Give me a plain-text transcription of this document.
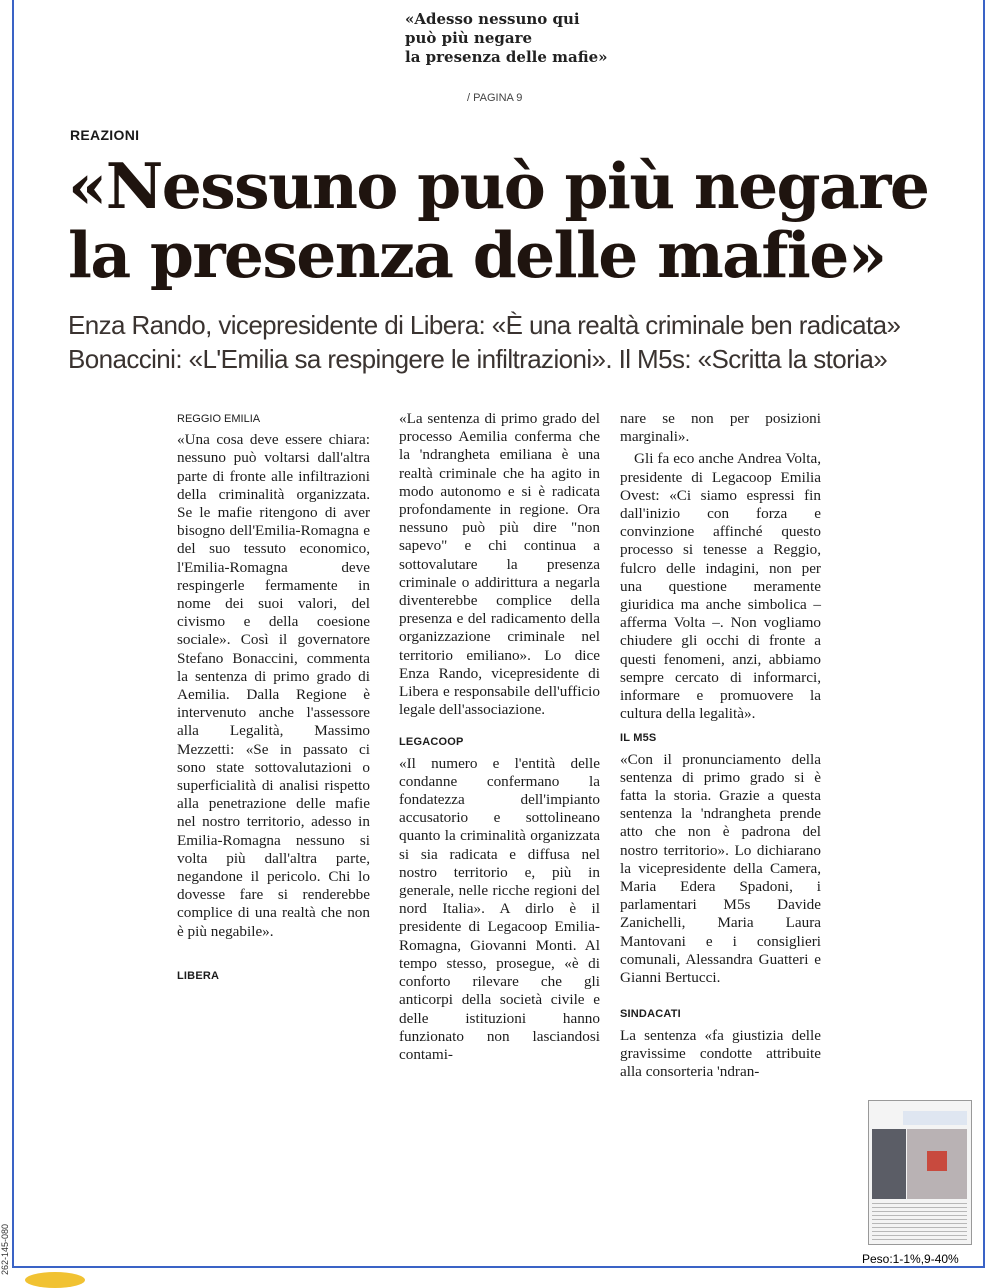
«Adesso nessuno qui
può più negare
la presenza delle mafie»
/ PAGINA 9
REAZIONI
«Nessuno può più negare
la presenza delle mafie»
Enza Rando, vicepresidente di Libera: «È una realtà criminale ben radicata»
Bonaccini: «L'Emilia sa respingere le infiltrazioni». Il M5s: «Scritta la storia»
REGGIO EMILIA

«Una cosa deve essere chiara: nessuno può voltarsi dall'altra parte di fronte alle infiltrazioni della criminalità organizzata. Se le mafie ritengono di aver bisogno dell'Emilia-Romagna e del suo tessuto economico, l'Emilia-Romagna deve respingerle fermamente in nome dei suoi valori, del civismo e della coesione sociale». Così il governatore Stefano Bonaccini, commenta la sentenza di primo grado di Aemilia. Dalla Regione è intervenuto anche l'assessore alla Legalità, Massimo Mezzetti: «Se in passato ci sono state sottovalutazioni o superficialità di analisi rispetto alla penetrazione delle mafie nel nostro territorio, adesso in Emilia-Romagna nessuno si volta più dall'altra parte, negandone il pericolo. Chi lo dovesse fare si renderebbe complice di una realtà che non è più negabile».

LIBERA

«La sentenza di primo grado del processo Aemilia conferma che la 'ndrangheta emiliana è una realtà criminale che ha agito in modo autonomo e si è radicata profondamente in regione. Ora nessuno può più dire "non sapevo" e chi continua a sottovalutare la presenza criminale o addirittura a negarla diventerebbe complice della presenza e del radicamento della organizzazione criminale nel territorio emiliano». Lo dice Enza Rando, vicepresidente di Libera e responsabile dell'ufficio legale dell'associazione.

LEGACOOP

«Il numero e l'entità delle condanne confermano la fondatezza dell'impianto accusatorio e sottolineano quanto la criminalità organizzata si sia radicata e diffusa nel nostro territorio e, più in generale, nelle ricche regioni del nord Italia». A dirlo è il presidente di Legacoop Emilia-Romagna, Giovanni Monti. Al tempo stesso, prosegue, «è di conforto rilevare che gli anticorpi della società civile e delle istituzioni hanno funzionato non lasciandosi contami-

nare se non per posizioni marginali».

Gli fa eco anche Andrea Volta, presidente di Legacoop Emilia Ovest: «Ci siamo espressi fin dall'inizio con forza e convinzione affinché questo processo si tenesse a Reggio, fulcro delle indagini, non per una questione meramente giuridica ma anche simbolica – afferma Volta –. Non vogliamo chiudere gli occhi di fronte a questi fenomeni, anzi, abbiamo sempre cercato di informarci, informare e promuovere la cultura della legalità».

IL M5S

«Con il pronunciamento della sentenza di primo grado si è fatta la storia. Grazie a questa sentenza la 'ndrangheta prende atto che non è padrona del nostro territorio». Lo dichiarano la vicepresidente della Camera, Maria Edera Spadoni, i parlamentari M5s Davide Zanichelli, Maria Laura Mantovani e i consiglieri comunali, Alessandra Guatteri e Gianni Bertucci.

SINDACATI

La sentenza «fa giustizia delle gravissime condotte attribuite alla consorteria 'ndran-

Peso:1-1%,9-40%
262-145-080
